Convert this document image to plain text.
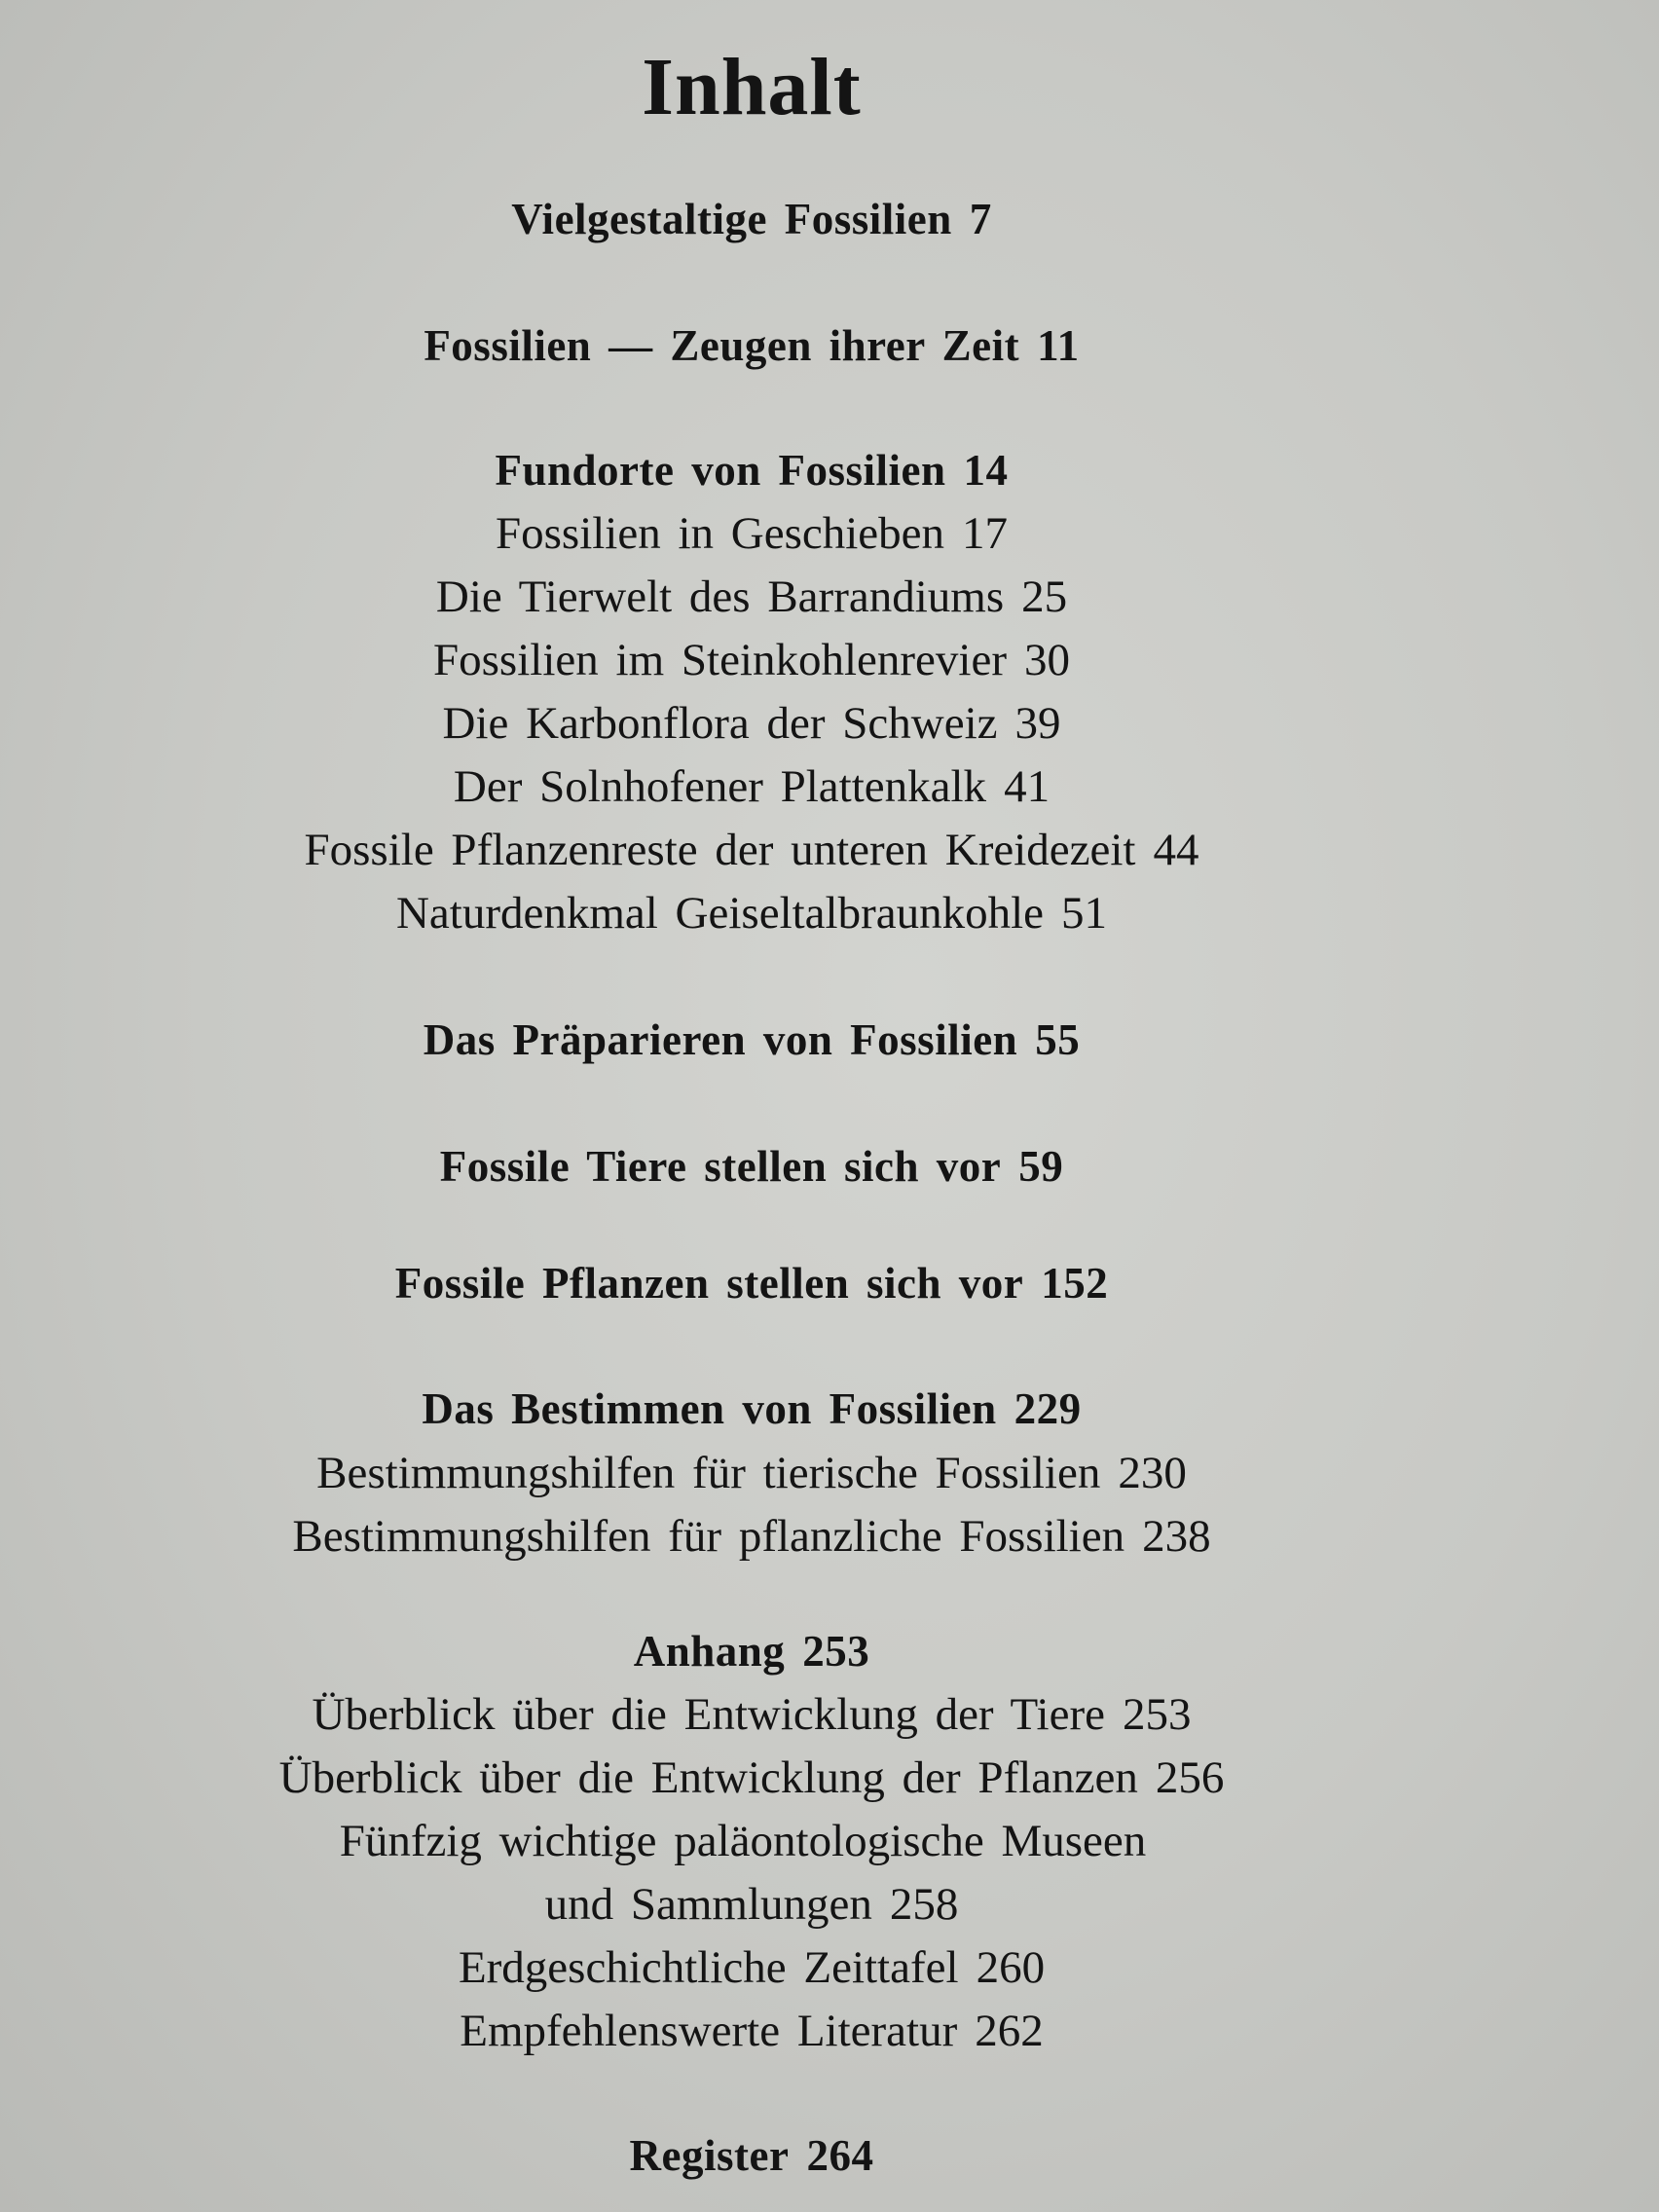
Inhalt
Vielgestaltige Fossilien 7
Fossilien — Zeugen ihrer Zeit 11
Fundorte von Fossilien 14
Fossilien in Geschieben 17
Die Tierwelt des Barrandiums 25
Fossilien im Steinkohlenrevier 30
Die Karbonflora der Schweiz 39
Der Solnhofener Plattenkalk 41
Fossile Pflanzenreste der unteren Kreidezeit 44
Naturdenkmal Geiseltalbraunkohle 51
Das Präparieren von Fossilien 55
Fossile Tiere stellen sich vor 59
Fossile Pflanzen stellen sich vor 152
Das Bestimmen von Fossilien 229
Bestimmungshilfen für tierische Fossilien 230
Bestimmungshilfen für pflanzliche Fossilien 238
Anhang 253
Überblick über die Entwicklung der Tiere 253
Überblick über die Entwicklung der Pflanzen 256
Fünfzig wichtige paläontologische Museen
und Sammlungen 258
Erdgeschichtliche Zeittafel 260
Empfehlenswerte Literatur 262
Register 264
